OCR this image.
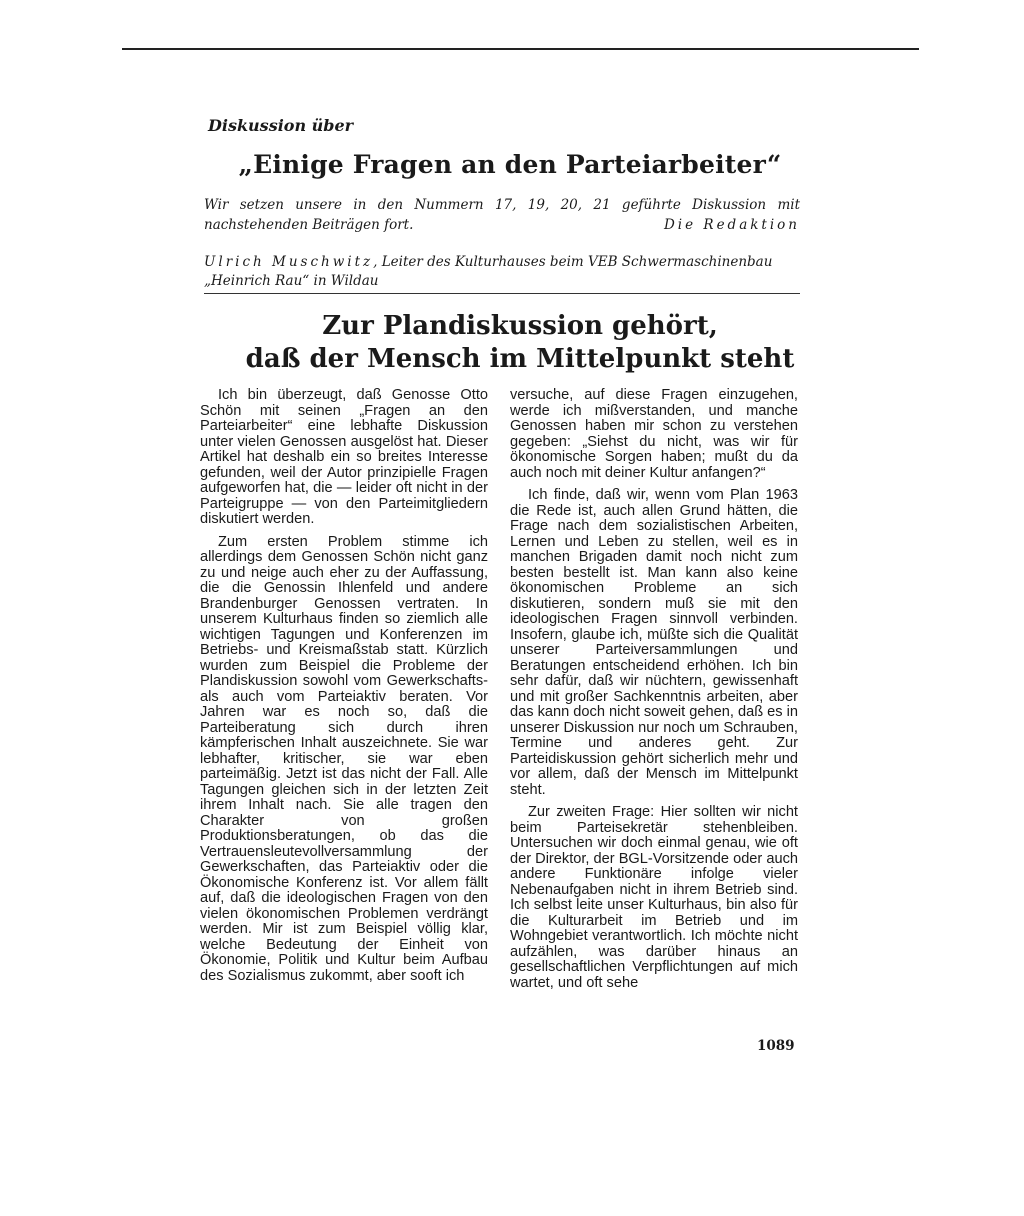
Diskussion über
„Einige Fragen an den Parteiarbeiter“
Wir setzen unsere in den Nummern 17, 19, 20, 21 geführte Diskussion mit nachstehenden Beiträgen fort.	Die Redaktion
Ulrich Muschwitz, Leiter des Kulturhauses beim VEB Schwermaschinenbau „Heinrich Rau“ in Wildau
Zur Plandiskussion gehört,
daß der Mensch im Mittelpunkt steht

Ich bin überzeugt, daß Genosse Otto Schön mit seinen „Fragen an den Parteiarbeiter“ eine lebhafte Diskussion unter vielen Genossen ausgelöst hat. Dieser Artikel hat deshalb ein so breites Interesse gefunden, weil der Autor prinzipielle Fragen aufgeworfen hat, die — leider oft nicht in der Parteigruppe — von den Parteimitgliedern diskutiert werden.

Zum ersten Problem stimme ich allerdings dem Genossen Schön nicht ganz zu und neige auch eher zu der Auffassung, die die Genossin Ihlenfeld und andere Brandenburger Genossen vertraten. In unserem Kulturhaus finden so ziemlich alle wichtigen Tagungen und Konferenzen im Betriebs- und Kreismaßstab statt. Kürzlich wurden zum Beispiel die Probleme der Plandiskussion sowohl vom Gewerkschafts- als auch vom Parteiaktiv beraten. Vor Jahren war es noch so, daß die Parteiberatung sich durch ihren kämpferischen Inhalt auszeichnete. Sie war lebhafter, kritischer, sie war eben parteimäßig. Jetzt ist das nicht der Fall. Alle Tagungen gleichen sich in der letzten Zeit ihrem Inhalt nach. Sie alle tragen den Charakter von großen Produktionsberatungen, ob das die Vertrauensleutevollversammlung der Gewerkschaften, das Parteiaktiv oder die Ökonomische Konferenz ist. Vor allem fällt auf, daß die ideologischen Fragen von den vielen ökonomischen Problemen verdrängt werden. Mir ist zum Beispiel völlig klar, welche Bedeutung der Einheit von Ökonomie, Politik und Kultur beim Aufbau des Sozialismus zukommt, aber sooft ich

versuche, auf diese Fragen einzugehen, werde ich mißverstanden, und manche Genossen haben mir schon zu verstehen gegeben: „Siehst du nicht, was wir für ökonomische Sorgen haben; mußt du da auch noch mit deiner Kultur anfangen?“

Ich finde, daß wir, wenn vom Plan 1963 die Rede ist, auch allen Grund hätten, die Frage nach dem sozialistischen Arbeiten, Lernen und Leben zu stellen, weil es in manchen Brigaden damit noch nicht zum besten bestellt ist. Man kann also keine ökonomischen Probleme an sich diskutieren, sondern muß sie mit den ideologischen Fragen sinnvoll verbinden. Insofern, glaube ich, müßte sich die Qualität unserer Parteiversammlungen und Beratungen entscheidend erhöhen. Ich bin sehr dafür, daß wir nüchtern, gewissenhaft und mit großer Sachkenntnis arbeiten, aber das kann doch nicht soweit gehen, daß es in unserer Diskussion nur noch um Schrauben, Termine und anderes geht. Zur Parteidiskussion gehört sicherlich mehr und vor allem, daß der Mensch im Mittelpunkt steht.

Zur zweiten Frage: Hier sollten wir nicht beim Parteisekretär stehenbleiben. Untersuchen wir doch einmal genau, wie oft der Direktor, der BGL-Vorsitzende oder auch andere Funktionäre infolge vieler Nebenaufgaben nicht in ihrem Betrieb sind. Ich selbst leite unser Kulturhaus, bin also für die Kulturarbeit im Betrieb und im Wohngebiet verantwortlich. Ich möchte nicht aufzählen, was darüber hinaus an gesellschaftlichen Verpflichtungen auf mich wartet, und oft sehe

1089
